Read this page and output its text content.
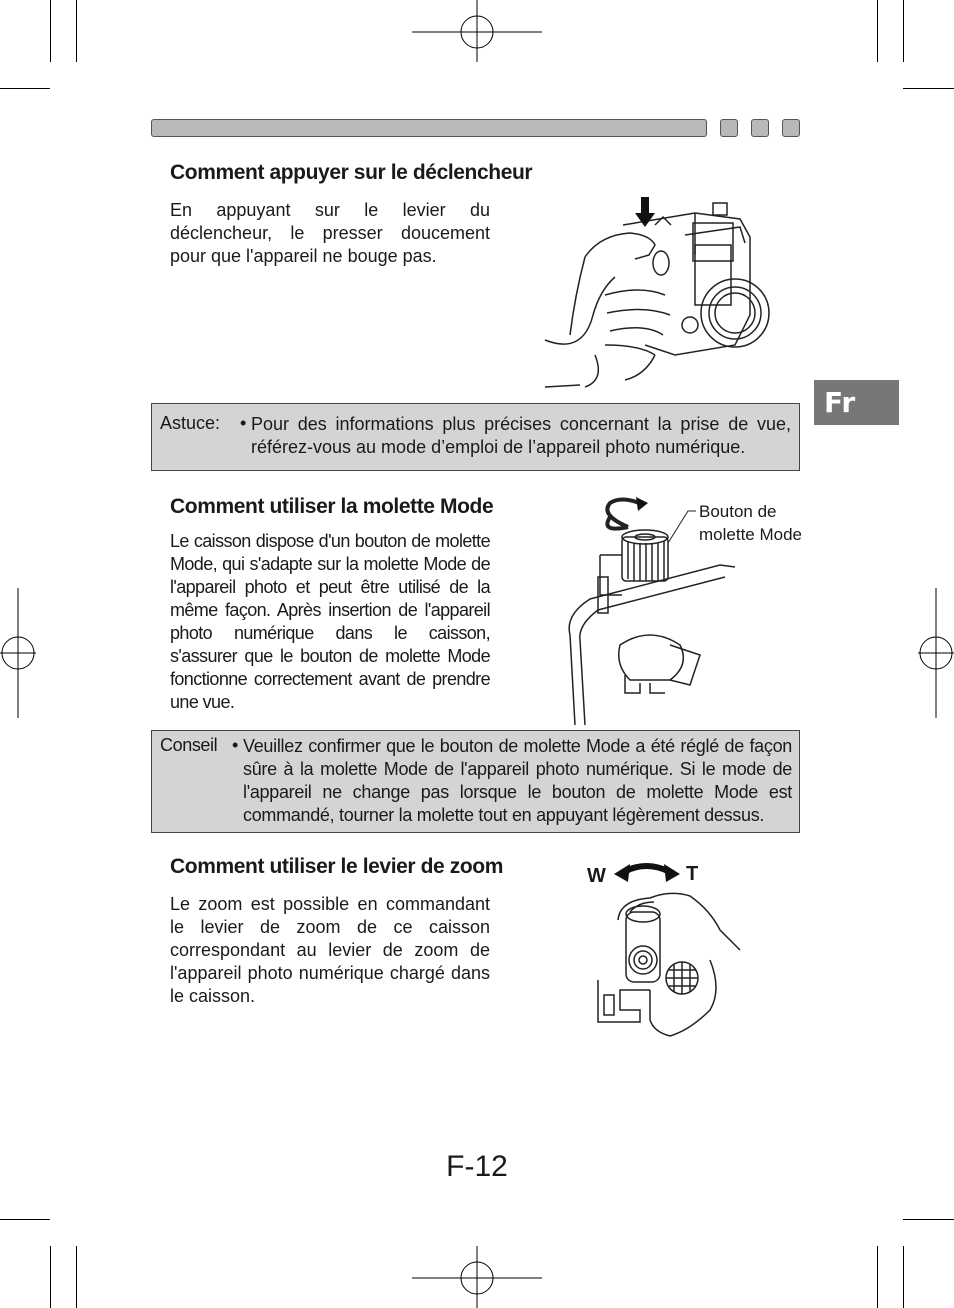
Fr
Comment appuyer sur le déclencheur

En appuyant sur le levier du déclencheur, le presser doucement pour que l'appareil ne bouge pas.

Astuce: • Pour des informations plus précises concernant la prise de vue, référez-vous au mode d’emploi de l’appareil photo numérique.

Comment utiliser la molette Mode

Le caisson dispose d'un bouton de molette Mode, qui s'adapte sur la molette Mode de l'appareil photo et peut être utilisé de la même façon. Après insertion de l'appareil photo numérique dans le caisson, s'assurer que le bouton de molette Mode fonctionne correctement avant de prendre une vue.

Bouton de molette Mode
Conseil • Veuillez confirmer que le bouton de molette Mode a été réglé de façon sûre à la molette Mode de l'appareil photo numérique. Si le mode de l'appareil ne change pas lorsque le bouton de molette Mode est commandé, tourner la molette tout en appuyant légèrement dessus.

Comment utiliser le levier de zoom

Le zoom est possible en commandant le levier de zoom de ce caisson correspondant au levier de zoom de l'appareil photo numérique chargé dans le caisson.

W	T
F-12
